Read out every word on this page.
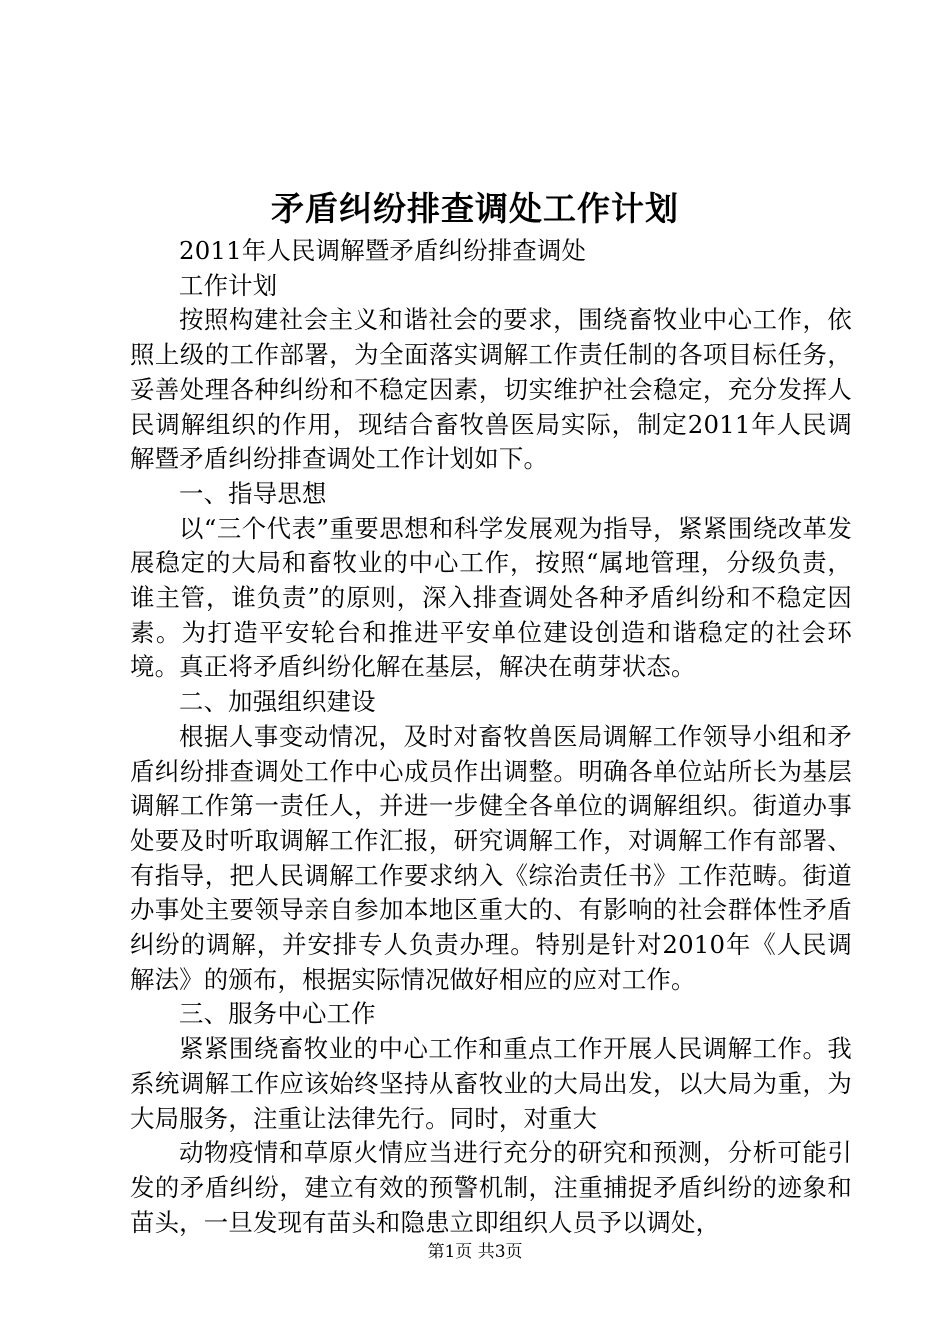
矛盾纠纷排查调处工作计划

2011年人民调解暨矛盾纠纷排查调处

工作计划

按照构建社会主义和谐社会的要求，围绕畜牧业中心工作，依照上级的工作部署，为全面落实调解工作责任制的各项目标任务，妥善处理各种纠纷和不稳定因素，切实维护社会稳定，充分发挥人民调解组织的作用，现结合畜牧兽医局实际，制定2011年人民调解暨矛盾纠纷排查调处工作计划如下。

一、指导思想

以“三个代表”重要思想和科学发展观为指导，紧紧围绕改革发展稳定的大局和畜牧业的中心工作，按照“属地管理，分级负责，谁主管，谁负责”的原则，深入排查调处各种矛盾纠纷和不稳定因素。为打造平安轮台和推进平安单位建设创造和谐稳定的社会环境。真正将矛盾纠纷化解在基层，解决在萌芽状态。

二、加强组织建设

根据人事变动情况，及时对畜牧兽医局调解工作领导小组和矛盾纠纷排查调处工作中心成员作出调整。明确各单位站所长为基层调解工作第一责任人，并进一步健全各单位的调解组织。街道办事处要及时听取调解工作汇报，研究调解工作，对调解工作有部署、有指导，把人民调解工作要求纳入《综治责任书》工作范畴。街道办事处主要领导亲自参加本地区重大的、有影响的社会群体性矛盾纠纷的调解，并安排专人负责办理。特别是针对2010年《人民调解法》的颁布，根据实际情况做好相应的应对工作。

三、服务中心工作

紧紧围绕畜牧业的中心工作和重点工作开展人民调解工作。我系统调解工作应该始终坚持从畜牧业的大局出发，以大局为重，为大局服务，注重让法律先行。同时，对重大

动物疫情和草原火情应当进行充分的研究和预测，分析可能引发的矛盾纠纷，建立有效的预警机制，注重捕捉矛盾纠纷的迹象和苗头，一旦发现有苗头和隐患立即组织人员予以调处，

第1页 共3页
